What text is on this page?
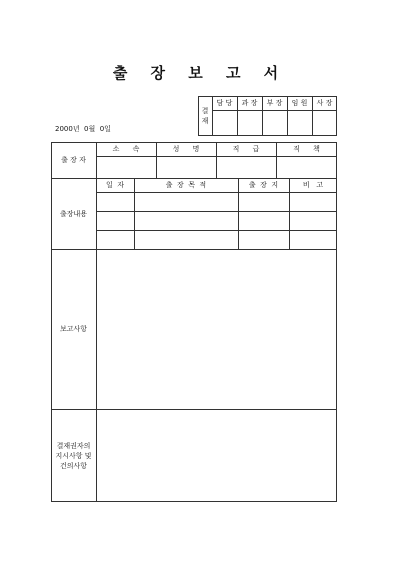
출 장 보 고 서
2000년  0월  0일
결
재
담 당	과 장	부 장	임 원	사 장
출 장 자
소      속	성      명	직      급	직      책
출장내용
일  자	출  장  목  적	출  장  지	비   고
보고사항
결재권자의
지시사항 및
건의사항
